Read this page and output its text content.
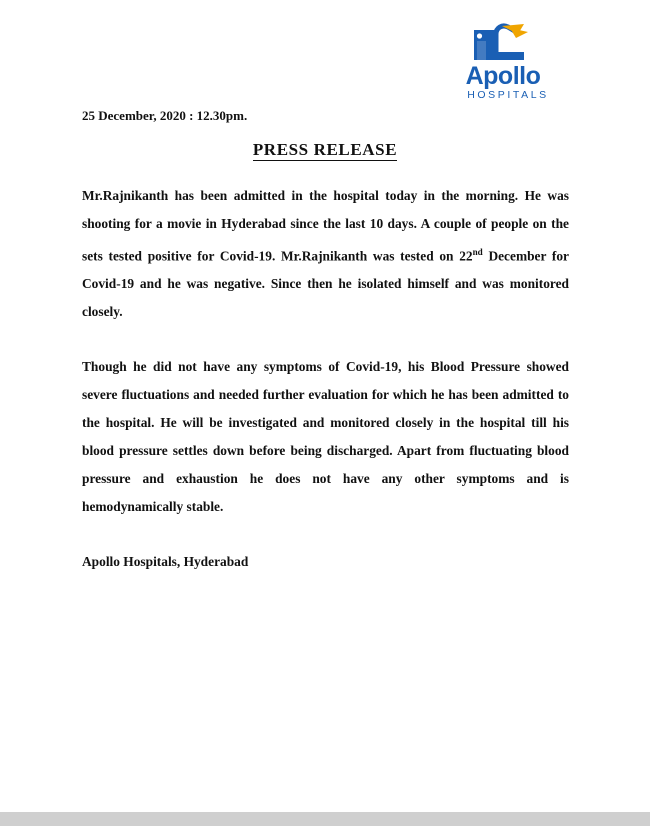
Apollo
HOSPITALS
25 December, 2020 : 12.30pm.
PRESS RELEASE

Mr.Rajnikanth has been admitted in the hospital today in the morning. He was shooting for a movie in Hyderabad since the last 10 days. A couple of people on the sets tested positive for Covid-19. Mr.Rajnikanth was tested on 22nd December for Covid-19 and he was negative. Since then he isolated himself and was monitored closely.

Though he did not have any symptoms of Covid-19, his Blood Pressure showed severe fluctuations and needed further evaluation for which he has been admitted to the hospital. He will be investigated and monitored closely in the hospital till his blood pressure settles down before being discharged. Apart from fluctuating blood pressure and exhaustion he does not have any other symptoms and is hemodynamically stable.

Apollo Hospitals, Hyderabad
